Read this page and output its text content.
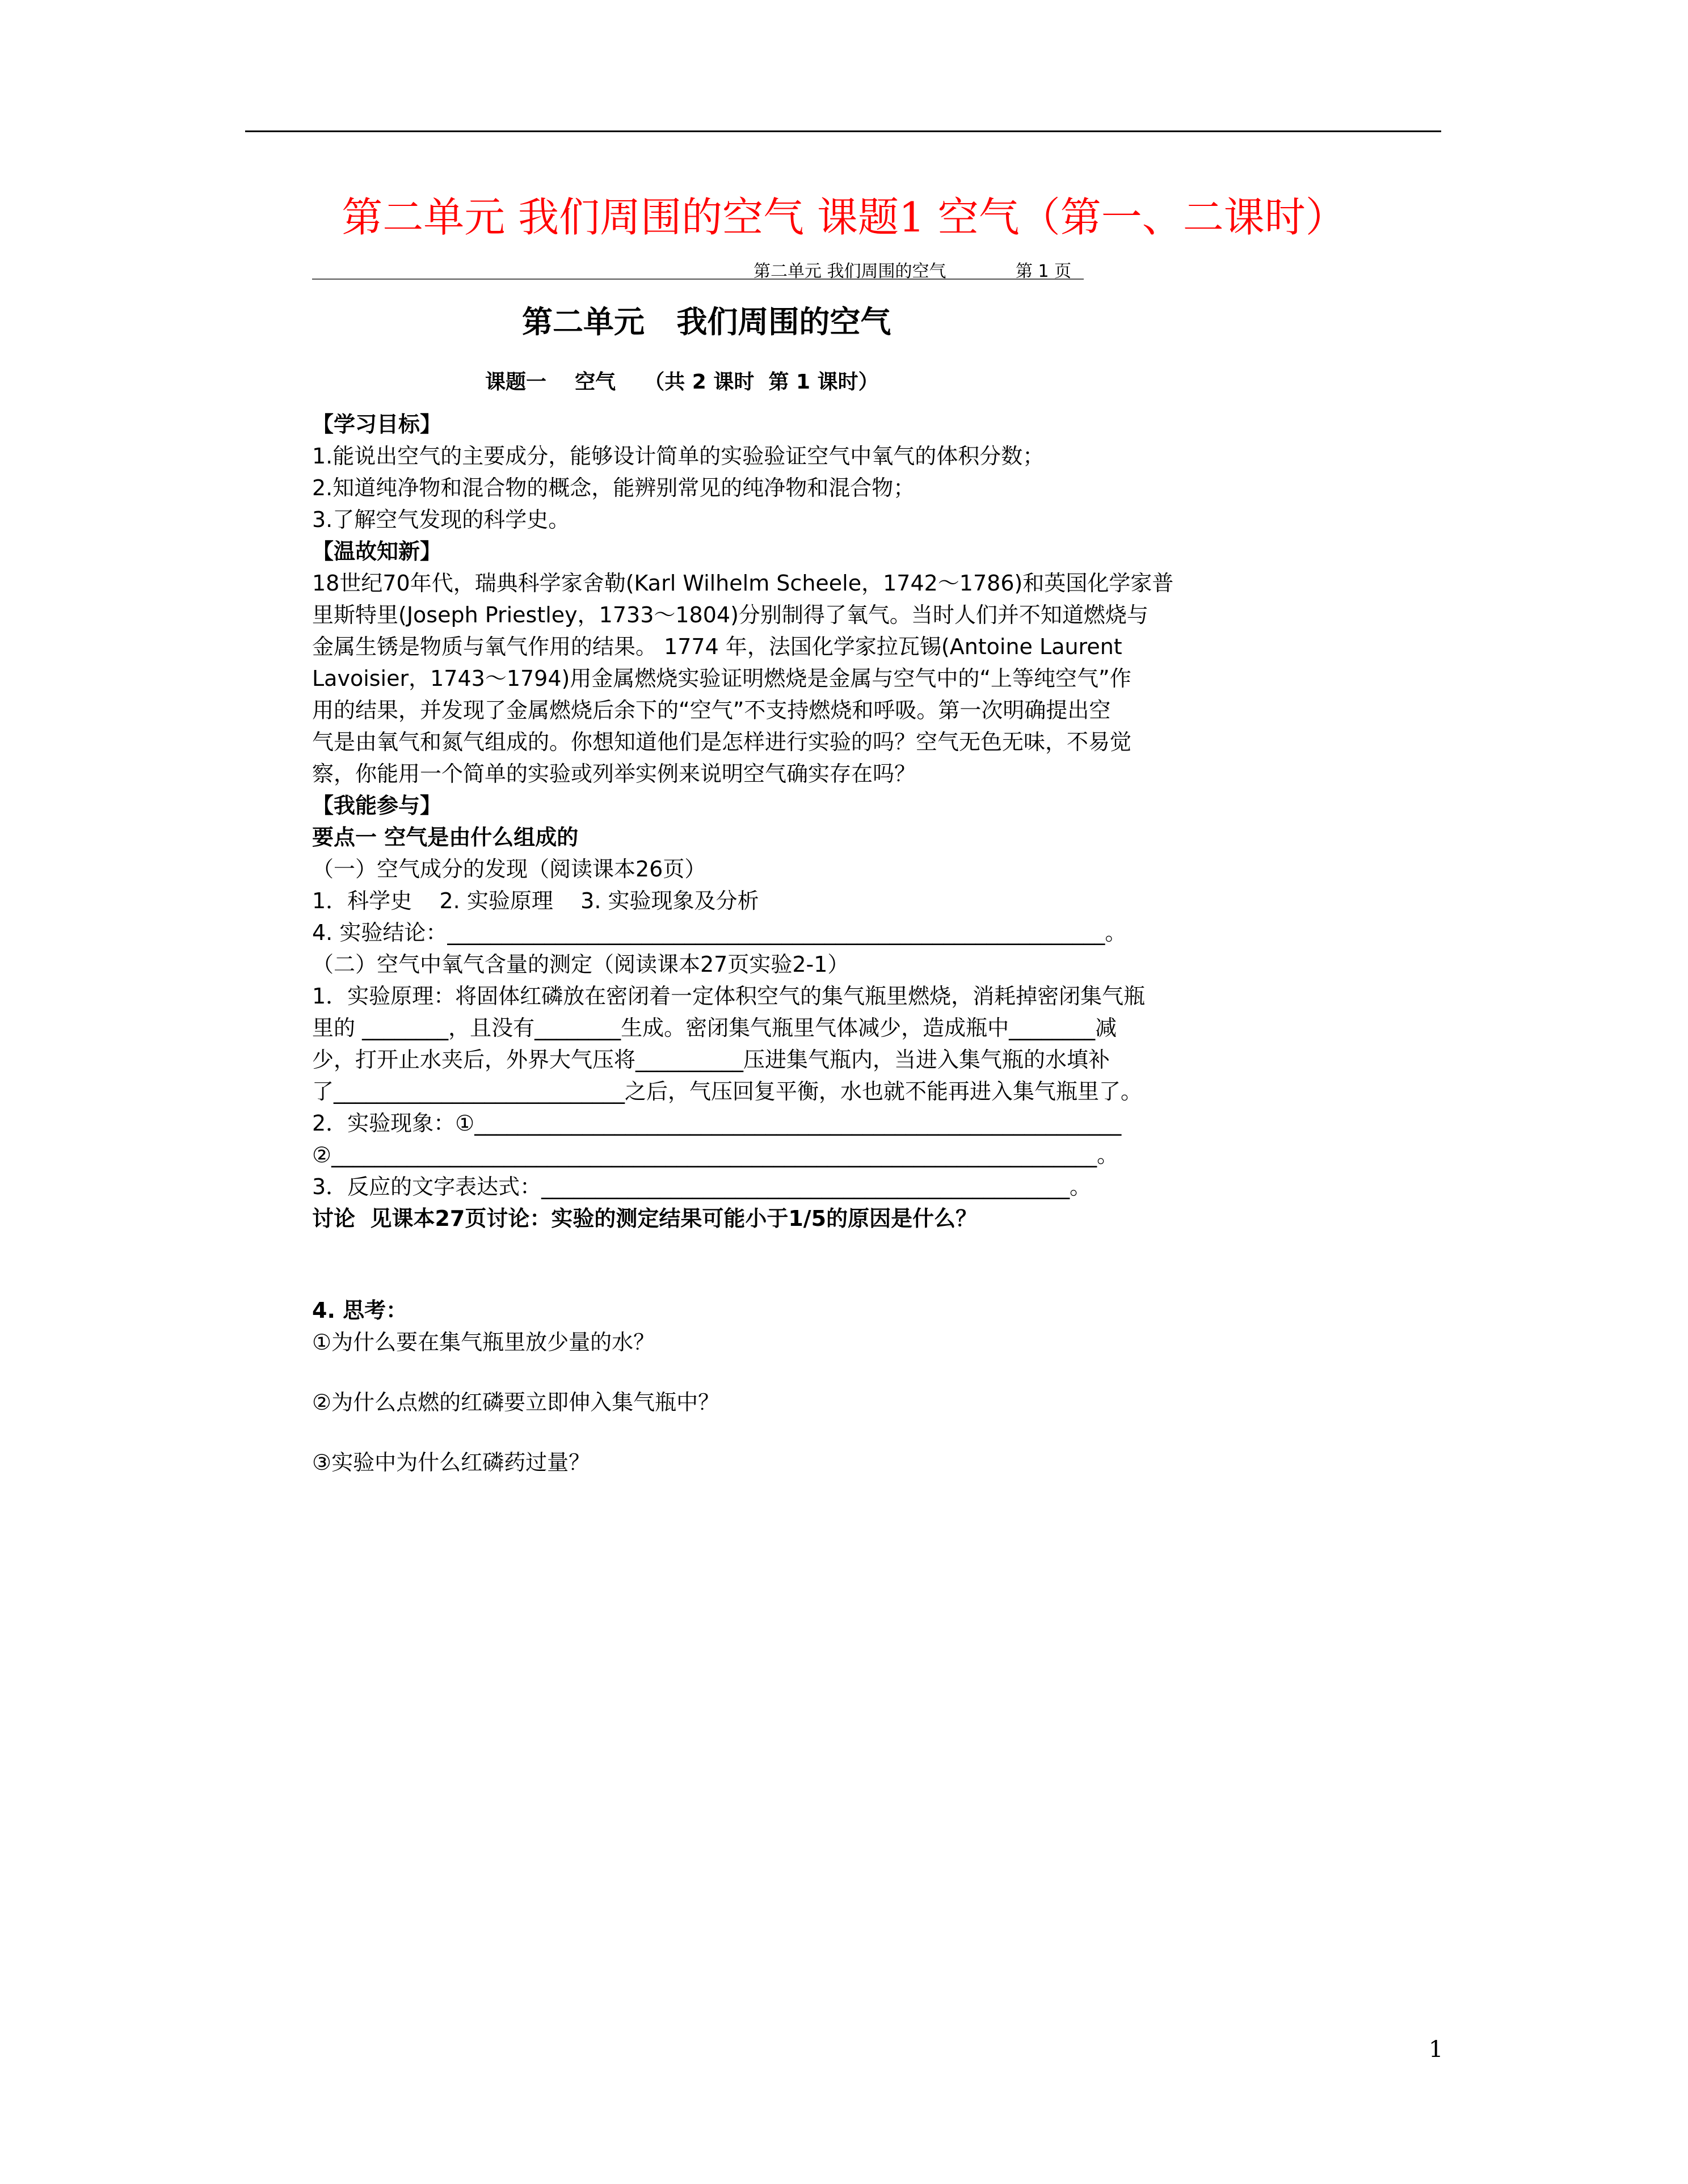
第二单元 我们周围的空气 课题1 空气（第一、二课时）
第二单元 我们周围的空气	第 1 页
第二单元   我们周围的空气
课题一    空气    （共 2 课时  第 1 课时）
【学习目标】
1.能说出空气的主要成分，能够设计简单的实验验证空气中氧气的体积分数；
2.知道纯净物和混合物的概念，能辨别常见的纯净物和混合物；
3.了解空气发现的科学史。
【温故知新】
18世纪70年代，瑞典科学家舍勒(Karl Wilhelm Scheele，1742～1786)和英国化学家普
里斯特里(Joseph Priestley，1733～1804)分别制得了氧气。当时人们并不知道燃烧与
金属生锈是物质与氧气作用的结果。 1774 年，法国化学家拉瓦锡(Antoine Laurent
Lavoisier，1743～1794)用金属燃烧实验证明燃烧是金属与空气中的“上等纯空气”作
用的结果，并发现了金属燃烧后余下的“空气”不支持燃烧和呼吸。第一次明确提出空
气是由氧气和氮气组成的。你想知道他们是怎样进行实验的吗？空气无色无味，不易觉
察，你能用一个简单的实验或列举实例来说明空气确实存在吗？
【我能参与】
要点一 空气是由什么组成的
（一）空气成分的发现（阅读课本26页）
1．科学史    2. 实验原理    3. 实验现象及分析
4. 实验结论：_____________________________________________________________。
（二）空气中氧气含量的测定（阅读课本27页实验2-1）
1．实验原理：将固体红磷放在密闭着一定体积空气的集气瓶里燃烧，消耗掉密闭集气瓶
里的 ________，且没有________生成。密闭集气瓶里气体减少，造成瓶中________减
少，打开止水夹后，外界大气压将__________压进集气瓶内，当进入集气瓶的水填补
了___________________________之后，气压回复平衡，水也就不能再进入集气瓶里了。
2．实验现象：①____________________________________________________________
②_______________________________________________________________________。
3．反应的文字表达式：_________________________________________________。
讨论  见课本27页讨论：实验的测定结果可能小于1/5的原因是什么？
4. 思考：
①为什么要在集气瓶里放少量的水？
②为什么点燃的红磷要立即伸入集气瓶中？
③实验中为什么红磷药过量？
1
